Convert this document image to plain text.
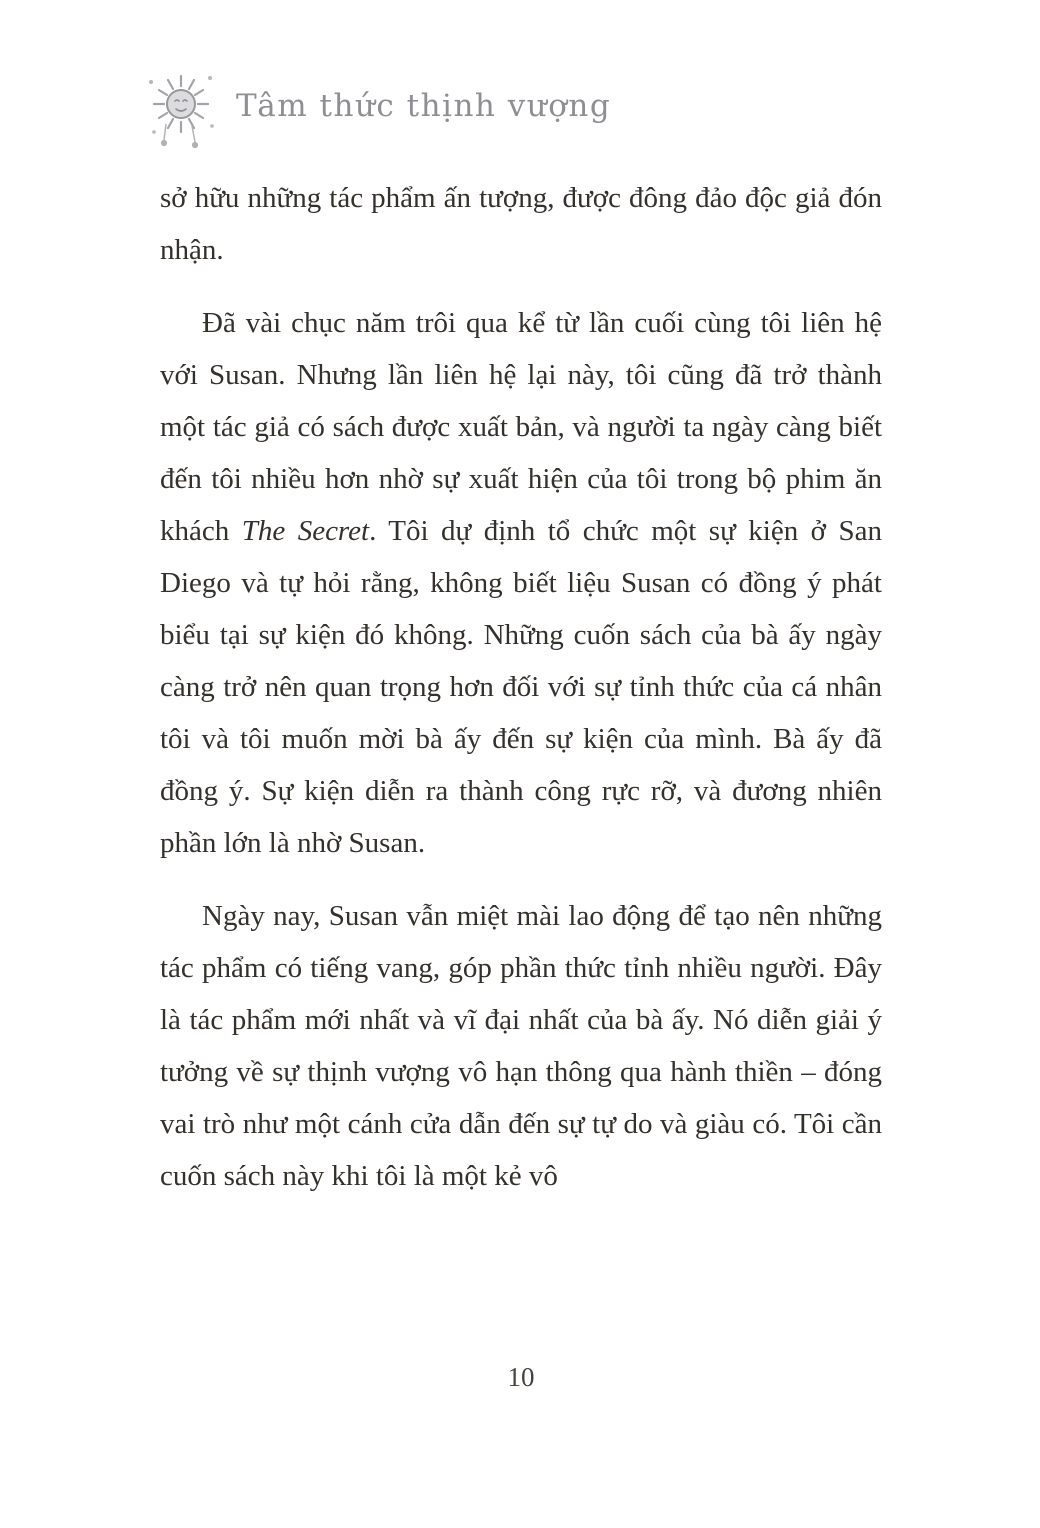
Tâm thức thịnh vượng

sở hữu những tác phẩm ấn tượng, được đông đảo độc giả đón nhận.

Đã vài chục năm trôi qua kể từ lần cuối cùng tôi liên hệ với Susan. Nhưng lần liên hệ lại này, tôi cũng đã trở thành một tác giả có sách được xuất bản, và người ta ngày càng biết đến tôi nhiều hơn nhờ sự xuất hiện của tôi trong bộ phim ăn khách The Secret. Tôi dự định tổ chức một sự kiện ở San Diego và tự hỏi rằng, không biết liệu Susan có đồng ý phát biểu tại sự kiện đó không. Những cuốn sách của bà ấy ngày càng trở nên quan trọng hơn đối với sự tỉnh thức của cá nhân tôi và tôi muốn mời bà ấy đến sự kiện của mình. Bà ấy đã đồng ý. Sự kiện diễn ra thành công rực rỡ, và đương nhiên phần lớn là nhờ Susan.

Ngày nay, Susan vẫn miệt mài lao động để tạo nên những tác phẩm có tiếng vang, góp phần thức tỉnh nhiều người. Đây là tác phẩm mới nhất và vĩ đại nhất của bà ấy. Nó diễn giải ý tưởng về sự thịnh vượng vô hạn thông qua hành thiền – đóng vai trò như một cánh cửa dẫn đến sự tự do và giàu có. Tôi cần cuốn sách này khi tôi là một kẻ vô

10
